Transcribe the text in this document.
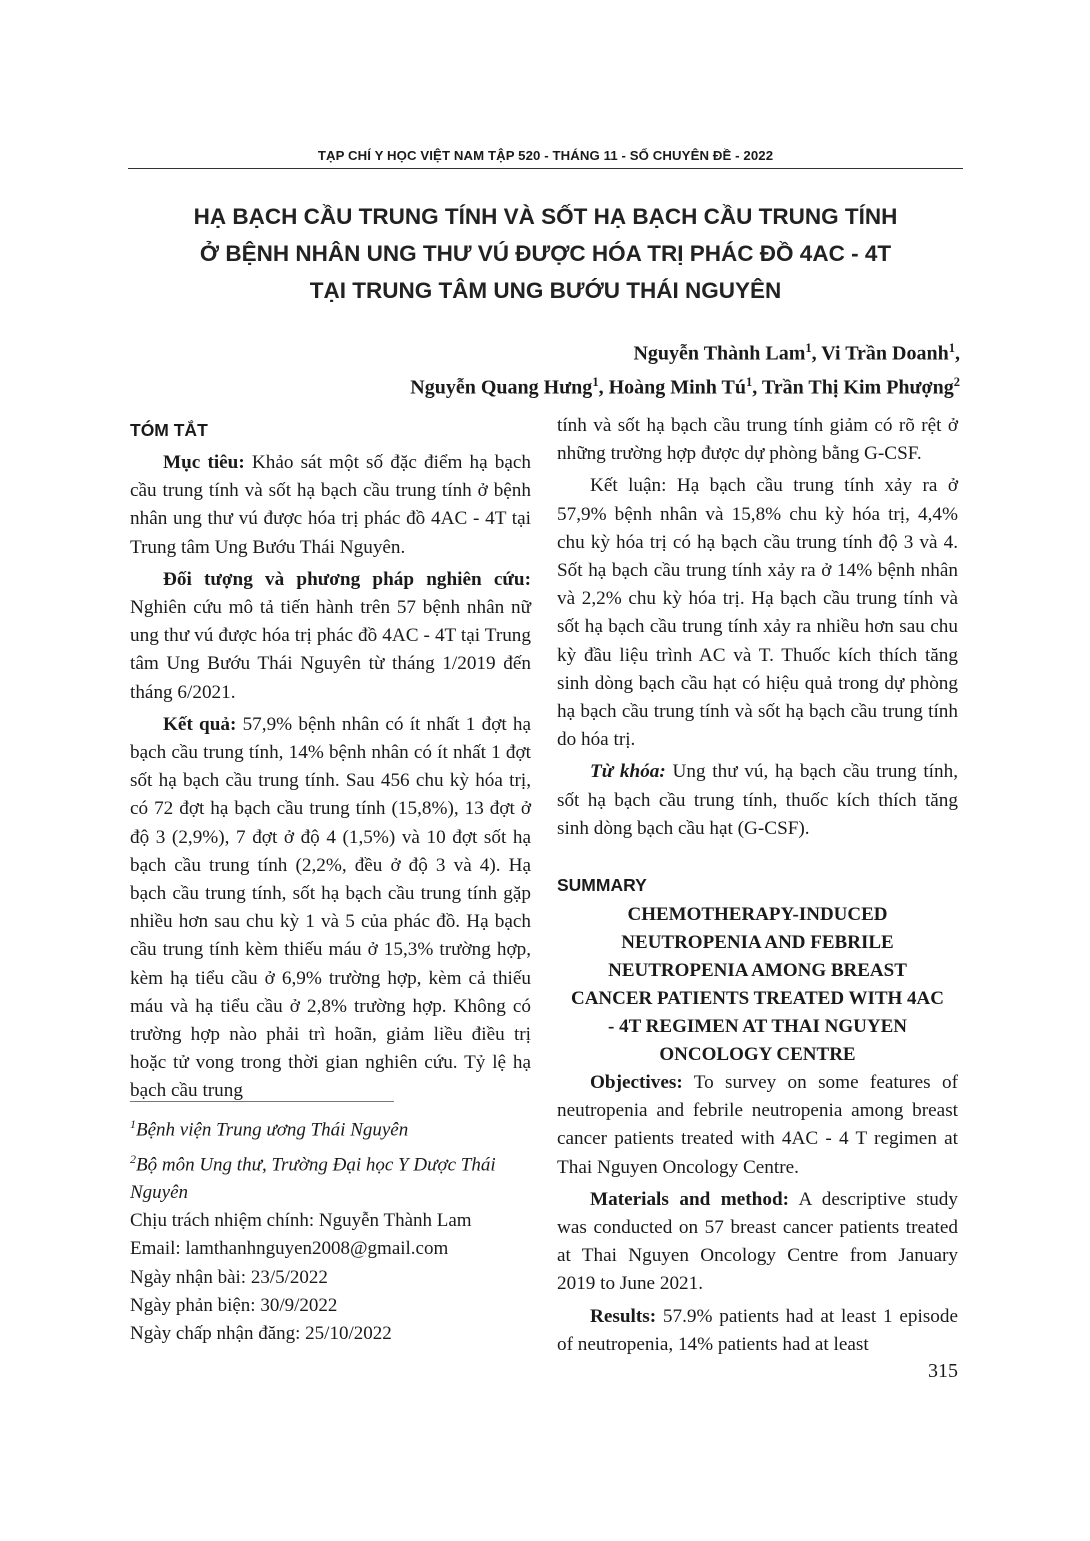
TẠP CHÍ Y HỌC VIỆT NAM TẬP 520 - THÁNG 11 - SỐ CHUYÊN ĐỀ - 2022
HẠ BẠCH CẦU TRUNG TÍNH VÀ SỐT HẠ BẠCH CẦU TRUNG TÍNH
Ở BỆNH NHÂN UNG THƯ VÚ ĐƯỢC HÓA TRỊ PHÁC ĐỒ 4AC - 4T
TẠI TRUNG TÂM UNG BƯỚU THÁI NGUYÊN
Nguyễn Thành Lam$^1$, Vi Trần Doanh$^1$,
Nguyễn Quang Hưng$^1$, Hoàng Minh $Tú^1$, Trần Thị Kim Phượng$^2$
TÓM TẮT

Mục tiêu: Khảo sát một số đặc điểm hạ bạch cầu trung tính và sốt hạ bạch cầu trung tính ở bệnh nhân ung thư vú được hóa trị phác đồ 4AC - 4T tại Trung tâm Ung Bướu Thái Nguyên.

Đối tượng và phương pháp nghiên cứu: Nghiên cứu mô tả tiến hành trên 57 bệnh nhân nữ ung thư vú được hóa trị phác đồ 4AC - 4T tại Trung tâm Ung Bướu Thái Nguyên từ tháng 1/2019 đến tháng 6/2021.

Kết quả: 57,9% bệnh nhân có ít nhất 1 đợt hạ bạch cầu trung tính, 14% bệnh nhân có ít nhất 1 đợt sốt hạ bạch cầu trung tính. Sau 456 chu kỳ hóa trị, có 72 đợt hạ bạch cầu trung tính (15,8%), 13 đợt ở độ 3 (2,9%), 7 đợt ở độ 4 (1,5%) và 10 đợt sốt hạ bạch cầu trung tính (2,2%, đều ở độ 3 và 4). Hạ bạch cầu trung tính, sốt hạ bạch cầu trung tính gặp nhiều hơn sau chu kỳ 1 và 5 của phác đồ. Hạ bạch cầu trung tính kèm thiếu máu ở 15,3% trường hợp, kèm hạ tiểu cầu ở 6,9% trường hợp, kèm cả thiếu máu và hạ tiểu cầu ở 2,8% trường hợp. Không có trường hợp nào phải trì hoãn, giảm liều điều trị hoặc tử vong trong thời gian nghiên cứu. Tỷ lệ hạ bạch cầu trung

tính và sốt hạ bạch cầu trung tính giảm có rõ rệt ở những trường hợp được dự phòng bằng G-CSF.

Kết luận: Hạ bạch cầu trung tính xảy ra ở 57,9% bệnh nhân và 15,8% chu kỳ hóa trị, 4,4% chu kỳ hóa trị có hạ bạch cầu trung tính độ 3 và 4. Sốt hạ bạch cầu trung tính xảy ra ở 14% bệnh nhân và 2,2% chu kỳ hóa trị. Hạ bạch cầu trung tính và sốt hạ bạch cầu trung tính xảy ra nhiều hơn sau chu kỳ đầu liệu trình AC và T. Thuốc kích thích tăng sinh dòng bạch cầu hạt có hiệu quả trong dự phòng hạ bạch cầu trung tính và sốt hạ bạch cầu trung tính do hóa trị.

Từ khóa: Ung thư vú, hạ bạch cầu trung tính, sốt hạ bạch cầu trung tính, thuốc kích thích tăng sinh dòng bạch cầu hạt (G-CSF).

SUMMARY
CHEMOTHERAPY-INDUCED
NEUTROPENIA AND FEBRILE
NEUTROPENIA AMONG BREAST
CANCER PATIENTS TREATED WITH 4AC
- 4T REGIMEN AT THAI NGUYEN
ONCOLOGY CENTRE

Objectives: To survey on some features of neutropenia and febrile neutropenia among breast cancer patients treated with 4AC - 4 T regimen at Thai Nguyen Oncology Centre.

Materials and method: A descriptive study was conducted on 57 breast cancer patients treated at Thai Nguyen Oncology Centre from January 2019 to June 2021.

Results: 57.9% patients had at least 1 episode of neutropenia, 14% patients had at least

$^1$Bệnh viện Trung ương Thái Nguyên
$^2$Bộ môn Ung thư, Trường Đại học Y Dược Thái Nguyên
Chịu trách nhiệm chính: Nguyễn Thành Lam
Email: lamthanhnguyen2008@gmail.com
Ngày nhận bài: 23/5/2022
Ngày phản biện: 30/9/2022
Ngày chấp nhận đăng: 25/10/2022
315
